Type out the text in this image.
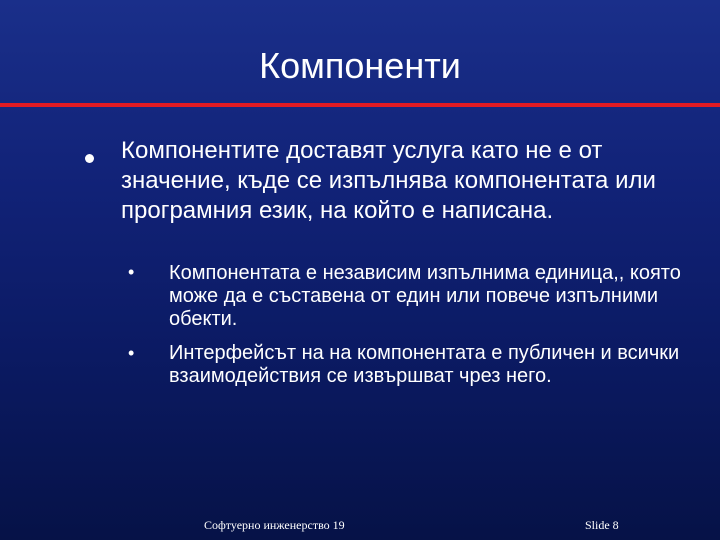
Компоненти
Компонентите доставят услуга като не е от значение, къде се изпълнява компонентата или програмния език, на който е написана.
• Компонентата е независим изпълнима единица,, която може да е съставена от един или повече изпълними обекти.
• Интерфейсът на на компонентата е публичен и всички взаимодействия се извършват чрез него.
Софтуерно инженерство 19	Slide 8
